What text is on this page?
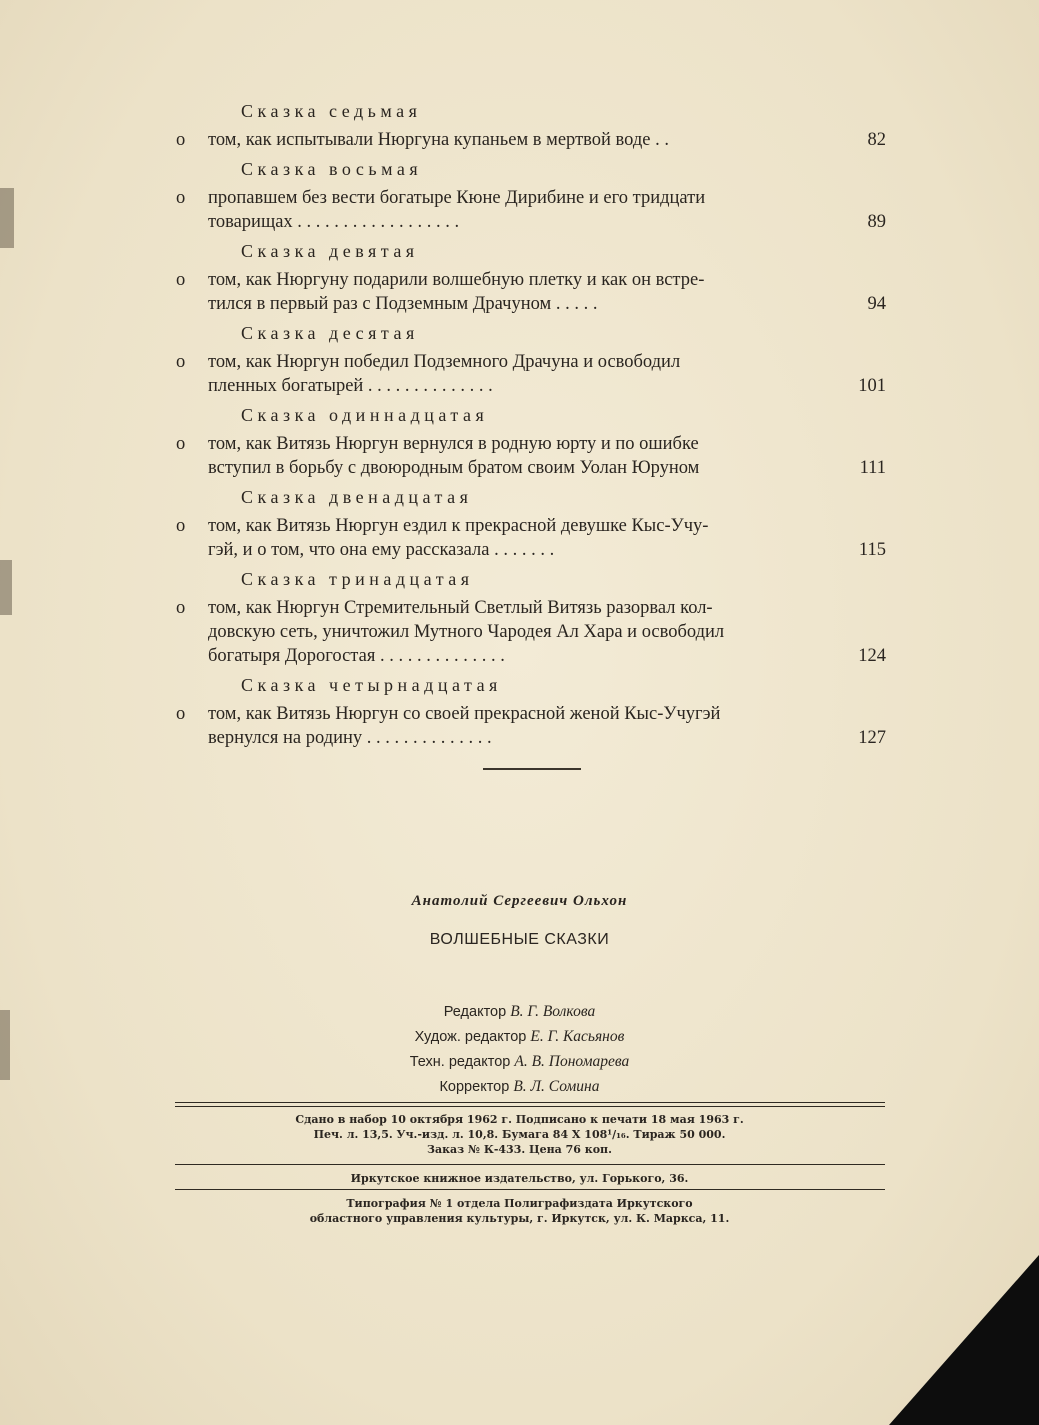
Сказка седьмая
о том, как испытывали Нюргуна купаньем в мертвой воде . .	82
Сказка восьмая
о пропавшем без вести богатыре Кюне Дирибине и его тридцати
товарищах . . . . . . . . . . . . . . . . . .	89
Сказка девятая
о том, как Нюргуну подарили волшебную плетку и как он встре-
тился в первый раз с Подземным Драчуном . . . . .	94
Сказка десятая
о том, как Нюргун победил Подземного Драчуна и освободил
пленных богатырей . . . . . . . . . . . . . .	101
Сказка одиннадцатая
о том, как Витязь Нюргун вернулся в родную юрту и по ошибке
вступил в борьбу с двоюродным братом своим Уолан Юруном	111
Сказка двенадцатая
о том, как Витязь Нюргун ездил к прекрасной девушке Кыс-Учу-
гэй, и о том, что она ему рассказала . . . . . . .	115
Сказка тринадцатая
о том, как Нюргун Стремительный Светлый Витязь разорвал кол-
довскую сеть, уничтожил Мутного Чародея Ал Хара и освободил
богатыря Дорогостая . . . . . . . . . . . . . .	124
Сказка четырнадцатая
о том, как Витязь Нюргун со своей прекрасной женой Кыс-Учугэй
вернулся на родину . . . . . . . . . . . . . .	127
Анатолий Сергеевич Ольхон
ВОЛШЕБНЫЕ СКАЗКИ
Редактор В. Г. Волкова
Худож. редактор Е. Г. Касьянов
Техн. редактор А. В. Пономарева
Корректор В. Л. Сомина
Сдано в набор 10 октября 1962 г. Подписано к печати 18 мая 1963 г.
Печ. л. 13,5. Уч.-изд. л. 10,8. Бумага 84 X 108¹/₁₆. Тираж 50 000.
Заказ № К-433. Цена 76 коп.
Иркутское книжное издательство, ул. Горького, 36.
Типография № 1 отдела Полиграфиздата Иркутского
областного управления культуры, г. Иркутск, ул. К. Маркса, 11.
